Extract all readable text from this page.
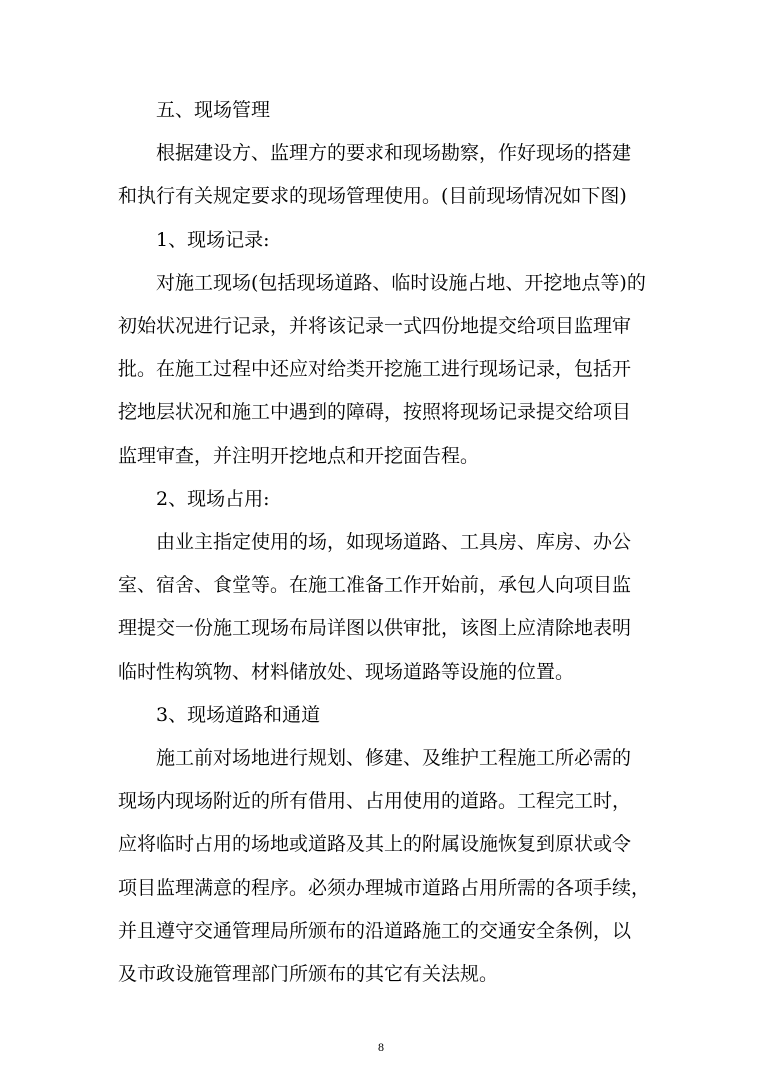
五、现场管理
根据建设方、监理方的要求和现场勘察，作好现场的搭建
和执行有关规定要求的现场管理使用。(目前现场情况如下图)
1、现场记录:
对施工现场(包括现场道路、临时设施占地、开挖地点等)的
初始状况进行记录，并将该记录一式四份地提交给项目监理审
批。在施工过程中还应对给类开挖施工进行现场记录，包括开
挖地层状况和施工中遇到的障碍，按照将现场记录提交给项目
监理审查，并注明开挖地点和开挖面告程。
2、现场占用:
由业主指定使用的场，如现场道路、工具房、库房、办公
室、宿舍、食堂等。在施工准备工作开始前，承包人向项目监
理提交一份施工现场布局详图以供审批，该图上应清除地表明
临时性构筑物、材料储放处、现场道路等设施的位置。
3、现场道路和通道
施工前对场地进行规划、修建、及维护工程施工所必需的
现场内现场附近的所有借用、占用使用的道路。工程完工时，
应将临时占用的场地或道路及其上的附属设施恢复到原状或令
项目监理满意的程序。必须办理城市道路占用所需的各项手续，
并且遵守交通管理局所颁布的沿道路施工的交通安全条例，以
及市政设施管理部门所颁布的其它有关法规。
8
